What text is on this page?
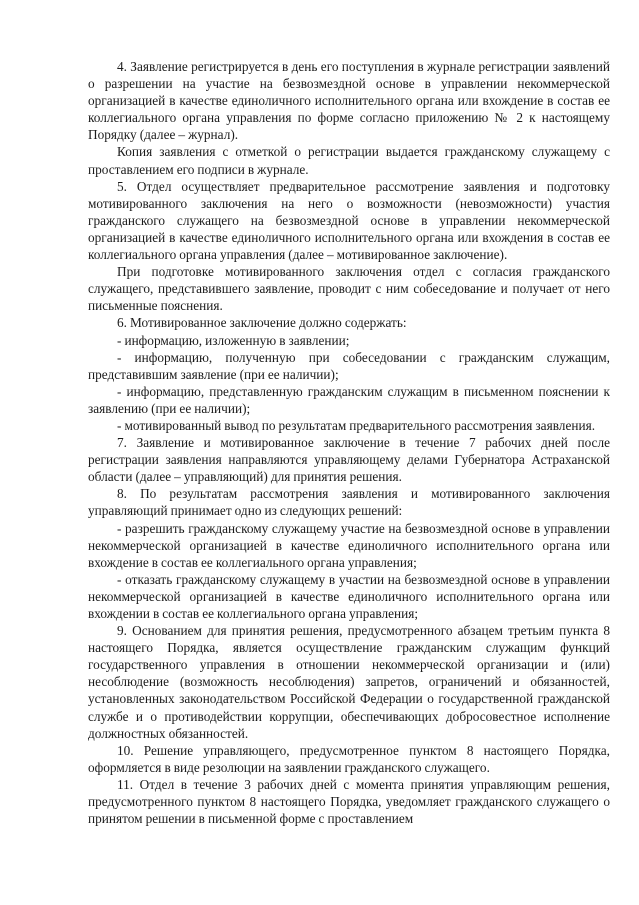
4. Заявление регистрируется в день его поступления в журнале регистрации заявлений о разрешении на участие на безвозмездной основе в управлении некоммерческой организацией в качестве единоличного исполнительного органа или вхождение в состав ее коллегиального органа управления по форме согласно приложению № 2 к настоящему Порядку (далее – журнал).

Копия заявления с отметкой о регистрации выдается гражданскому служащему с проставлением его подписи в журнале.

5. Отдел осуществляет предварительное рассмотрение заявления и подготовку мотивированного заключения на него о возможности (невозможности) участия гражданского служащего на безвозмездной основе в управлении некоммерческой организацией в качестве единоличного исполнительного органа или вхождения в состав ее коллегиального органа управления (далее – мотивированное заключение).

При подготовке мотивированного заключения отдел с согласия гражданского служащего, представившего заявление, проводит с ним собеседование и получает от него письменные пояснения.

6. Мотивированное заключение должно содержать:

- информацию, изложенную в заявлении;

- информацию, полученную при собеседовании с гражданским служащим, представившим заявление (при ее наличии);

- информацию, представленную гражданским служащим в письменном пояснении к заявлению (при ее наличии);

- мотивированный вывод по результатам предварительного рассмотрения заявления.

7. Заявление и мотивированное заключение в течение 7 рабочих дней после регистрации заявления направляются управляющему делами Губернатора Астраханской области (далее – управляющий) для принятия решения.

8. По результатам рассмотрения заявления и мотивированного заключения управляющий принимает одно из следующих решений:

- разрешить гражданскому служащему участие на безвозмездной основе в управлении некоммерческой организацией в качестве единоличного исполнительного органа или вхождение в состав ее коллегиального органа управления;

- отказать гражданскому служащему в участии на безвозмездной основе в управлении некоммерческой организацией в качестве единоличного исполнительного органа или вхождении в состав ее коллегиального органа управления;

9. Основанием для принятия решения, предусмотренного абзацем третьим пункта 8 настоящего Порядка, является осуществление гражданским служащим функций государственного управления в отношении некоммерческой организации и (или) несоблюдение (возможность несоблюдения) запретов, ограничений и обязанностей, установленных законодательством Российской Федерации о государственной гражданской службе и о противодействии коррупции, обеспечивающих добросовестное исполнение должностных обязанностей.

10. Решение управляющего, предусмотренное пунктом 8 настоящего Порядка, оформляется в виде резолюции на заявлении гражданского служащего.

11. Отдел в течение 3 рабочих дней с момента принятия управляющим решения, предусмотренного пунктом 8 настоящего Порядка, уведомляет гражданского служащего о принятом решении в письменной форме с проставлением
